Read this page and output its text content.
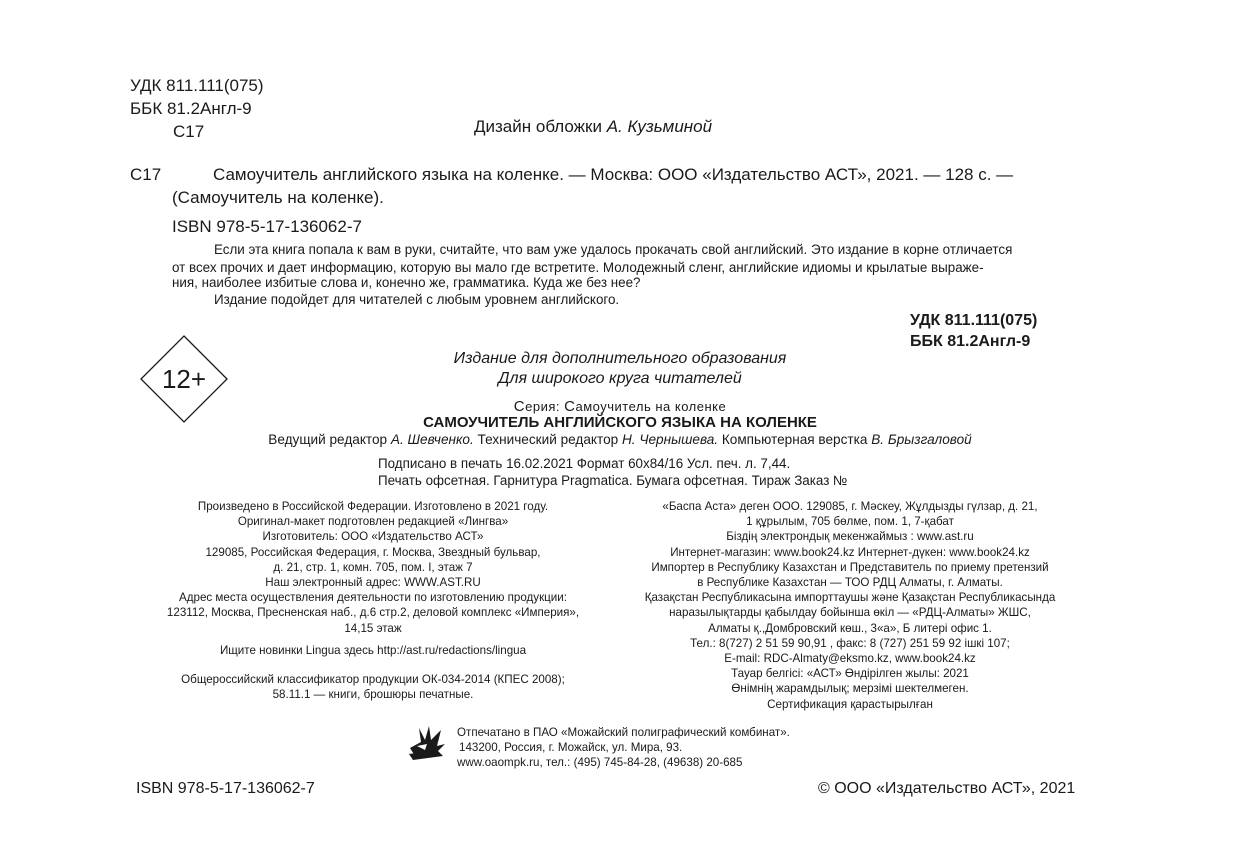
УДК 811.111(075)
ББК 81.2Англ-9
С17	Дизайн обложки А. Кузьминой
С17	Самоучитель английского языка на коленке. — Москва: ООО «Издательство АСТ», 2021. — 128 с. —
(Самоучитель на коленке).
ISBN 978-5-17-136062-7
Если эта книга попала к вам в руки, считайте, что вам уже удалось прокачать свой английский. Это издание в корне отличается
от всех прочих и дает информацию, которую вы мало где встретите. Молодежный сленг, английские идиомы и крылатые выраже-
ния, наиболее избитые слова и, конечно же, грамматика. Куда же без нее?
Издание подойдет для читателей с любым уровнем английского.
УДК 811.111(075)
ББК 81.2Англ-9
12+
Издание для дополнительного образования
Для широкого круга читателей
Серия: Самоучитель на коленке
САМОУЧИТЕЛЬ АНГЛИЙСКОГО ЯЗЫКА НА КОЛЕНКЕ
Ведущий редактор А. Шевченко. Технический редактор Н. Чернышева. Компьютерная верстка В. Брызгаловой
Подписано в печать 16.02.2021 Формат 60x84/16 Усл. печ. л. 7,44.
Печать офсетная. Гарнитура Pragmatica. Бумага офсетная. Тираж Заказ №
Произведено в Российской Федерации. Изготовлено в 2021 году.
Оригинал-макет подготовлен редакцией «Лингва»
Изготовитель: ООО «Издательство АСТ»
129085, Российская Федерация, г. Москва, Звездный бульвар,
д. 21, стр. 1, комн. 705, пом. I, этаж 7
Наш электронный адрес: WWW.AST.RU
Адрес места осуществления деятельности по изготовлению продукции:
123112, Москва, Пресненская наб., д.6 стр.2, деловой комплекс «Империя»,
14,15 этаж
Ищите новинки Lingua здесь http://ast.ru/redactions/lingua
Общероссийский классификатор продукции ОК-034-2014 (КПЕС 2008);
58.11.1 — книги, брошюры печатные.
«Баспа Аста» деген ООО. 129085, г. Мәскеу, Жұлдызды гүлзар, д. 21,
1 құрылым, 705 бөлме, пом. 1, 7-қабат
Біздің электрондық мекенжаймыз : www.ast.ru
Интернет-магазин: www.book24.kz Интернет-дүкен: www.book24.kz
Импортер в Республику Казахстан и Представитель по приему претензий
в Республике Казахстан — ТОО РДЦ Алматы, г. Алматы.
Қазақстан Республикасына импорттаушы және Қазақстан Республикасында
наразылықтарды қабылдау бойынша өкіл — «РДЦ-Алматы» ЖШС,
Алматы қ.,Домбровский көш., 3«а», Б литері офис 1.
Тел.: 8(727) 2 51 59 90,91 , факс: 8 (727) 251 59 92 ішкі 107;
E-mail: RDC-Almaty@eksmo.kz, www.book24.kz
Тауар белгісі: «АСТ» Өндірілген жылы: 2021
Өнімнің жарамдылық; мерзімі шектелмеген.
Сертификация қарастырылған
Отпечатано в ПАО «Можайский полиграфический комбинат».
143200, Россия, г. Можайск, ул. Мира, 93.
www.oaompk.ru, тел.: (495) 745-84-28, (49638) 20-685
ISBN 978-5-17-136062-7	© ООО «Издательство АСТ», 2021
